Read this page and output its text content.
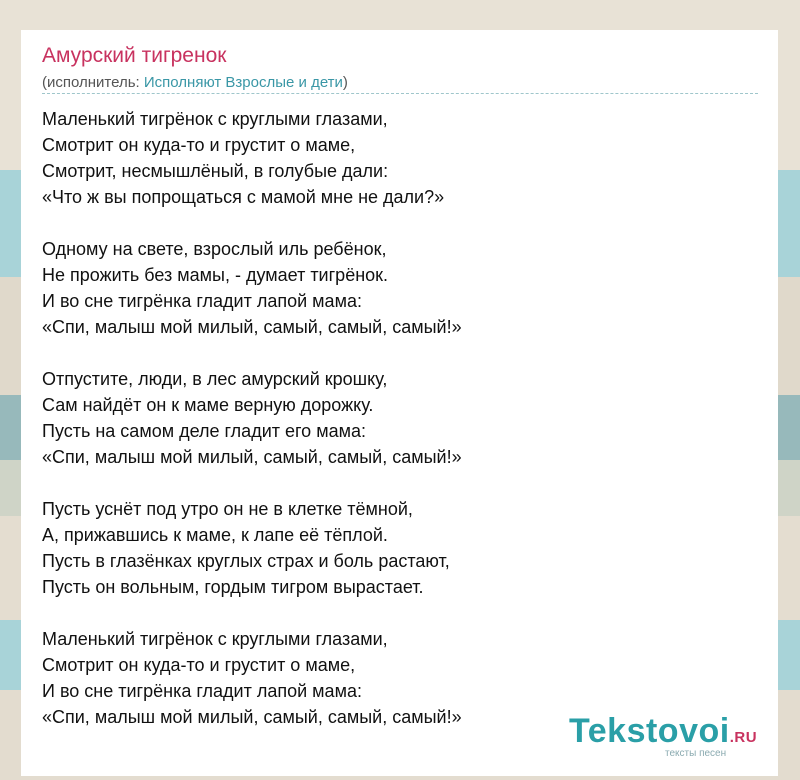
Амурский тигренок
(исполнитель: Исполняют Взрослые и дети)

Маленький тигрёнок с круглыми глазами,
Смотрит он куда-то и грустит о маме,
Смотрит, несмышлёный, в голубые дали:
«Что ж вы попрощаться с мамой мне не дали?»

Одному на свете, взрослый иль ребёнок,
Не прожить без мамы, - думает тигрёнок.
И во сне тигрёнка гладит лапой мама:
«Спи, малыш мой милый, самый, самый, самый!»

Отпустите, люди, в лес амурский крошку,
Сам найдёт он к маме верную дорожку.
Пусть на самом деле гладит его мама:
«Спи, малыш мой милый, самый, самый, самый!»

Пусть уснёт под утро он не в клетке тёмной,
А, прижавшись к маме, к лапе её тёплой.
Пусть в глазёнках круглых страх и боль растают,
Пусть он вольным, гордым тигром вырастает.

Маленький тигрёнок с круглыми глазами,
Смотрит он куда-то и грустит о маме,
И во сне тигрёнка гладит лапой мама:
«Спи, малыш мой милый, самый, самый, самый!»	Tekstovoi.RU
тексты песен
